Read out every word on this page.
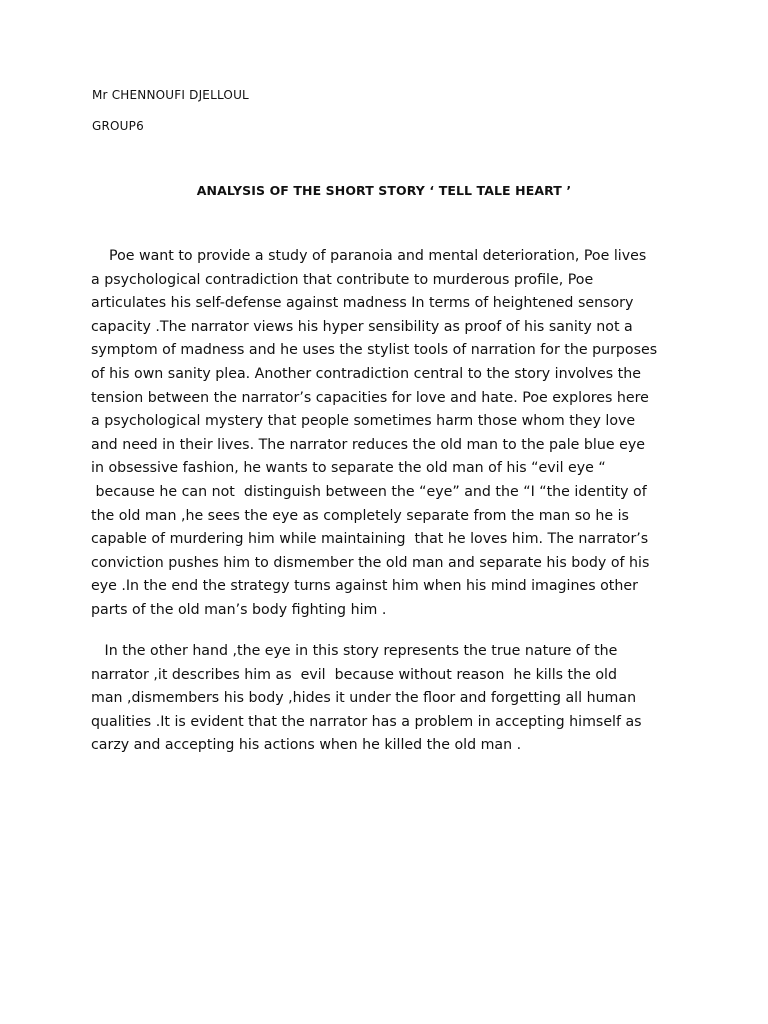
Mr CHENNOUFI DJELLOUL
GROUP6
ANALYSIS OF THE SHORT STORY ‘ TELL TALE HEART ’

Poe want to provide a study of paranoia and mental deterioration, Poe lives
a psychological contradiction that contribute to murderous profile, Poe
articulates his self-defense against madness In terms of heightened sensory
capacity .The narrator views his hyper sensibility as proof of his sanity not a
symptom of madness and he uses the stylist tools of narration for the purposes
of his own sanity plea. Another contradiction central to the story involves the
tension between the narrator’s capacities for love and hate. Poe explores here
a psychological mystery that people sometimes harm those whom they love
and need in their lives. The narrator reduces the old man to the pale blue eye
in obsessive fashion, he wants to separate the old man of his “evil eye “
because he can not  distinguish between the “eye” and the “I “the identity of
the old man ,he sees the eye as completely separate from the man so he is
capable of murdering him while maintaining  that he loves him. The narrator’s
conviction pushes him to dismember the old man and separate his body of his
eye .In the end the strategy turns against him when his mind imagines other
parts of the old man’s body fighting him .

In the other hand ,the eye in this story represents the true nature of the
narrator ,it describes him as  evil  because without reason  he kills the old
man ,dismembers his body ,hides it under the floor and forgetting all human
qualities .It is evident that the narrator has a problem in accepting himself as
carzy and accepting his actions when he killed the old man .
